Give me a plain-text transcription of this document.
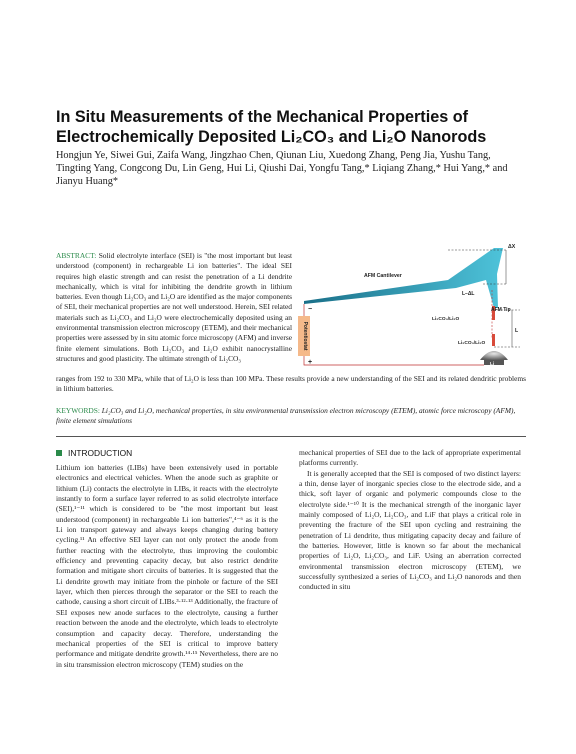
In Situ Measurements of the Mechanical Properties of Electrochemically Deposited Li₂CO₃ and Li₂O Nanorods
Hongjun Ye, Siwei Gui, Zaifa Wang, Jingzhao Chen, Qiunan Liu, Xuedong Zhang, Peng Jia, Yushu Tang, Tingting Yang, Congcong Du, Lin Geng, Hui Li, Qiushi Dai, Yongfu Tang,* Liqiang Zhang,* Hui Yang,* and Jianyu Huang*
ABSTRACT: Solid electrolyte interface (SEI) is "the most important but least understood (component) in rechargeable Li ion batteries". The ideal SEI requires high elastic strength and can resist the penetration of a Li dendrite mechanically, which is vital for inhibiting the dendrite growth in lithium batteries. Even though Li₂CO₃ and Li₂O are identified as the major components of SEI, their mechanical properties are not well understood. Herein, SEI related materials such as Li₂CO₃ and Li₂O were electrochemically deposited using an environmental transmission electron microscopy (ETEM), and their mechanical properties were assessed by in situ atomic force microscopy (AFM) and inverse finite element simulations. Both Li₂CO₃ and Li₂O exhibit nanocrystalline structures and good plasticity. The ultimate strength of Li₂CO₃
Li
Potentiostat
−
+
AFM Cantilever
ΔX
L–ΔL
AFM Tip
Li₂CO₃/Li₂O
Li₂CO₃/Li₂O
L
ranges from 192 to 330 MPa, while that of Li₂O is less than 100 MPa. These results provide a new understanding of the SEI and its related dendritic problems in lithium batteries.
KEYWORDS: Li₂CO₃ and Li₂O, mechanical properties, in situ environmental transmission electron microscopy (ETEM), atomic force microscopy (AFM), finite element simulations
INTRODUCTION

Lithium ion batteries (LIBs) have been extensively used in portable electronics and electrical vehicles. When the anode such as graphite or lithium (Li) contacts the electrolyte in LIBs, it reacts with the electrolyte instantly to form a surface layer referred to as solid electrolyte interface (SEI),¹⁻¹¹ which is considered to be "the most important but least understood (component) in rechargeable Li ion batteries",⁴⁻⁶ as it is the Li ion transport gateway and always keeps changing during battery cycling.¹¹ An effective SEI layer can not only protect the anode from further reacting with the electrolyte, thus improving the coulombic efficiency and preventing capacity decay, but also restrict dendrite formation and mitigate short circuits of batteries. It is suggested that the Li dendrite growth may initiate from the pinhole or facture of the SEI layer, which then pierces through the separator or the SEI to reach the cathode, causing a short circuit of LIBs.³·¹²·¹³ Additionally, the fracture of SEI exposes new anode surfaces to the electrolyte, causing a further reaction between the anode and the electrolyte, which leads to electrolyte consumption and capacity decay. Therefore, understanding the mechanical properties of the SEI is critical to improve battery performance and mitigate dendrite growth.¹⁴·¹⁵ Nevertheless, there are no in situ transmission electron microscopy (TEM) studies on the

mechanical properties of SEI due to the lack of appropriate experimental platforms currently.

It is generally accepted that the SEI is composed of two distinct layers: a thin, dense layer of inorganic species close to the electrode side, and a thick, soft layer of organic and polymeric compounds close to the electrolyte side.¹⁻¹⁰ It is the mechanical strength of the inorganic layer mainly composed of Li₂O, Li₂CO₃, and LiF that plays a critical role in preventing the fracture of the SEI upon cycling and restraining the penetration of Li dendrite, thus mitigating capacity decay and failure of the batteries. However, little is known so far about the mechanical properties of Li₂O, Li₂CO₃, and LiF. Using an aberration corrected environmental transmission electron microscopy (ETEM), we successfully synthesized a series of Li₂CO₃ and Li₂O nanorods and then conducted in situ
